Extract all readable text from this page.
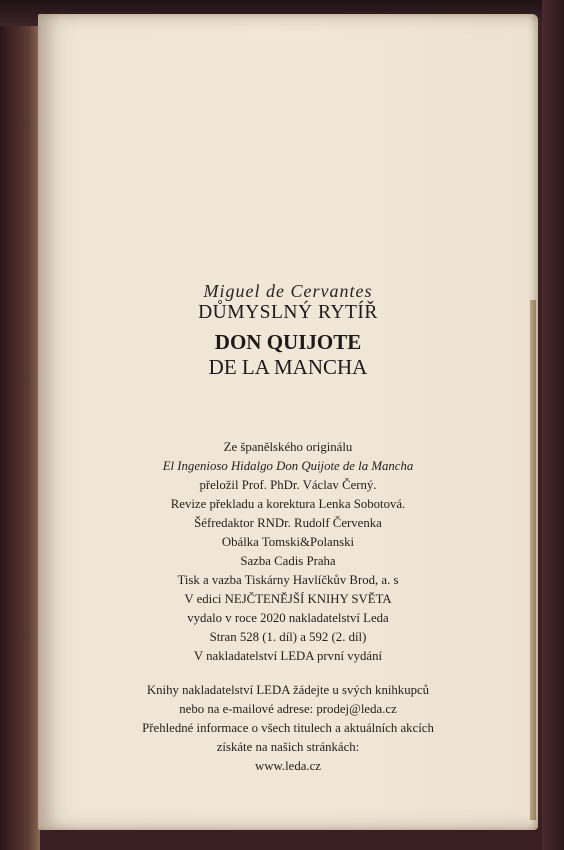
Miguel de Cervantes
DŮMYSLNÝ RYTÍŘ
DON QUIJOTE
DE LA MANCHA
Ze španělského originálu
El Ingenioso Hidalgo Don Quijote de la Mancha
přeložil Prof. PhDr. Václav Černý.
Revize překladu a korektura Lenka Sobotová.
Šéfredaktor RNDr. Rudolf Červenka
Obálka Tomski&Polanski
Sazba Cadis Praha
Tisk a vazba Tiskárny Havlíčkův Brod, a. s
V edici NEJČTENĚJŠÍ KNIHY SVĚTA
vydalo v roce 2020 nakladatelství Leda
Stran 528 (1. díl) a 592 (2. díl)
V nakladatelství LEDA první vydání
Knihy nakladatelství LEDA žádejte u svých knihkupců
nebo na e-mailové adrese: prodej@leda.cz
Přehledné informace o všech titulech a aktuálních akcích
získáte na našich stránkách:
www.leda.cz
